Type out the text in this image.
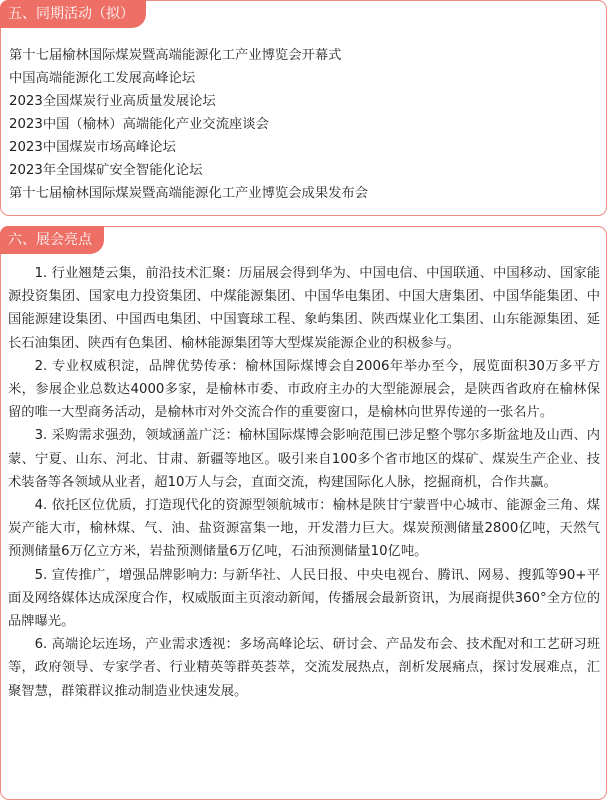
五、同期活动（拟）
第十七届榆林国际煤炭暨高端能源化工产业博览会开幕式
中国高端能源化工发展高峰论坛
2023全国煤炭行业高质量发展论坛
2023中国（榆林）高端能化产业交流座谈会
2023中国煤炭市场高峰论坛
2023年全国煤矿安全智能化论坛
第十七届榆林国际煤炭暨高端能源化工产业博览会成果发布会
六、展会亮点

1. 行业翘楚云集，前沿技术汇聚：历届展会得到华为、中国电信、中国联通、中国移动、国家能源投资集团、国家电力投资集团、中煤能源集团、中国华电集团、中国大唐集团、中国华能集团、中国能源建设集团、中国西电集团、中国寰球工程、象屿集团、陕西煤业化工集团、山东能源集团、延长石油集团、陕西有色集团、榆林能源集团等大型煤炭能源企业的积极参与。

2. 专业权威积淀，品牌优势传承：榆林国际煤博会自2006年举办至今，展览面积30万多平方米，参展企业总数达4000多家，是榆林市委、市政府主办的大型能源展会，是陕西省政府在榆林保留的唯一大型商务活动，是榆林市对外交流合作的重要窗口，是榆林向世界传递的一张名片。

3. 采购需求强劲，领域涵盖广泛：榆林国际煤博会影响范围已涉足整个鄂尔多斯盆地及山西、内蒙、宁夏、山东、河北、甘肃、新疆等地区。吸引来自100多个省市地区的煤矿、煤炭生产企业、技术装备等各领域从业者，超10万人与会，直面交流，构建国际化人脉，挖掘商机，合作共赢。

4. 依托区位优质，打造现代化的资源型领航城市：榆林是陕甘宁蒙晋中心城市、能源金三角、煤炭产能大市，榆林煤、气、油、盐资源富集一地，开发潜力巨大。煤炭预测储量2800亿吨，天然气预测储量6万亿立方米，岩盐预测储量6万亿吨，石油预测储量10亿吨。

5. 宣传推广，增强品牌影响力: 与新华社、人民日报、中央电视台、腾讯、网易、搜狐等90+平面及网络媒体达成深度合作，权威版面主页滚动新闻，传播展会最新资讯，为展商提供360°全方位的品牌曝光。

6. 高端论坛连场，产业需求透视：多场高峰论坛、研讨会、产品发布会、技术配对和工艺研习班等，政府领导、专家学者、行业精英等群英荟萃，交流发展热点，剖析发展痛点，探讨发展难点，汇聚智慧，群策群议推动制造业快速发展。
